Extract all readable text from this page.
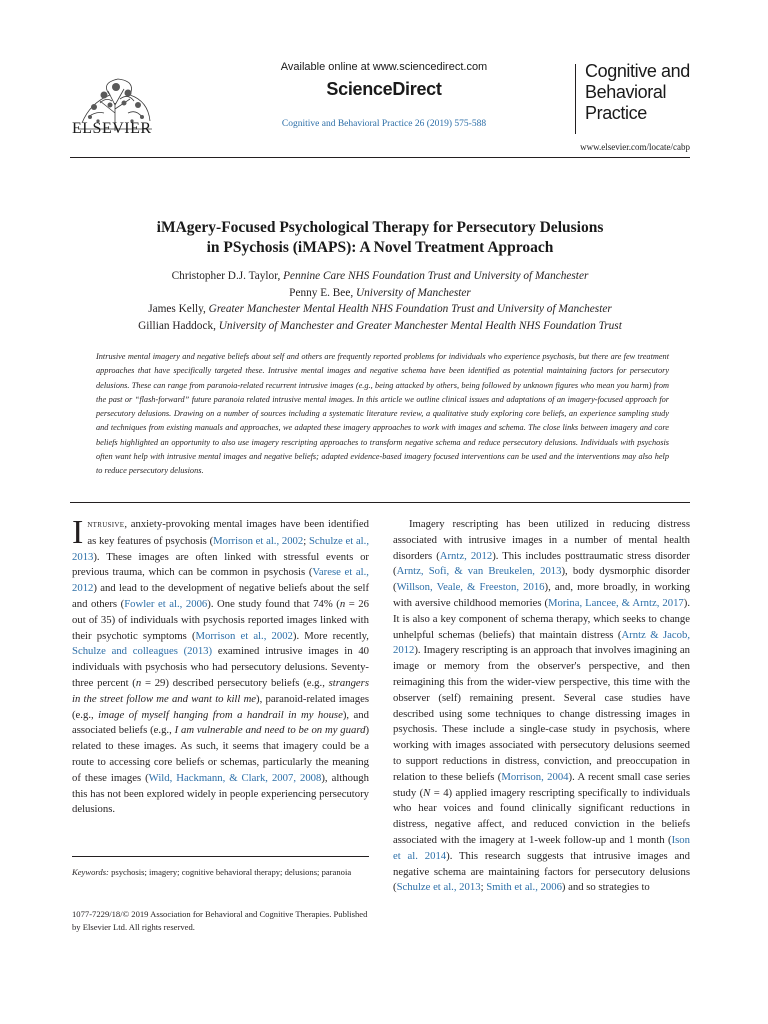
ELSEVIER
Available online at www.sciencedirect.com
ScienceDirect
Cognitive and Behavioral Practice 26 (2019) 575-588
Cognitive and
Behavioral
Practice
www.elsevier.com/locate/cabp
iMAgery-Focused Psychological Therapy for Persecutory Delusions
in PSychosis (iMAPS): A Novel Treatment Approach
Christopher D.J. Taylor, Pennine Care NHS Foundation Trust and University of Manchester
Penny E. Bee, University of Manchester
James Kelly, Greater Manchester Mental Health NHS Foundation Trust and University of Manchester
Gillian Haddock, University of Manchester and Greater Manchester Mental Health NHS Foundation Trust
Intrusive mental imagery and negative beliefs about self and others are frequently reported problems for individuals who experience psychosis, but there are few treatment approaches that have specifically targeted these. Intrusive mental images and negative schema have been identified as potential maintaining factors for persecutory delusions. These can range from paranoia-related recurrent intrusive images (e.g., being attacked by others, being followed by unknown figures who mean you harm) from the past or “flash-forward” future paranoia related intrusive mental images. In this article we outline clinical issues and adaptations of an imagery-focused approach for persecutory delusions. Drawing on a number of sources including a systematic literature review, a qualitative study exploring core beliefs, an experience sampling study and techniques from existing manuals and approaches, we adapted these imagery approaches to work with images and schema. The close links between imagery and core beliefs highlighted an opportunity to also use imagery rescripting approaches to transform negative schema and reduce persecutory delusions. Individuals with psychosis often want help with intrusive mental images and negative beliefs; adapted evidence-based imagery focused interventions can be used and the interventions may also help to reduce persecutory delusions.
Intrusive, anxiety-provoking mental images have been identified as key features of psychosis (Morrison et al., 2002; Schulze et al., 2013). These images are often linked with stressful events or previous trauma, which can be common in psychosis (Varese et al., 2012) and lead to the development of negative beliefs about the self and others (Fowler et al., 2006). One study found that 74% (n = 26 out of 35) of individuals with psychosis reported images linked with their psychotic symptoms (Morrison et al., 2002). More recently, Schulze and colleagues (2013) examined intrusive images in 40 individuals with psychosis who had persecutory delusions. Seventy-three percent (n = 29) described persecutory beliefs (e.g., strangers in the street follow me and want to kill me), paranoid-related images (e.g., image of myself hanging from a handrail in my house), and associated beliefs (e.g., I am vulnerable and need to be on my guard) related to these images. As such, it seems that imagery could be a route to accessing core beliefs or schemas, particularly the meaning of these images (Wild, Hackmann, & Clark, 2007, 2008), although this has not been explored widely in people experiencing persecutory delusions.
Keywords: psychosis; imagery; cognitive behavioral therapy; delusions; paranoia
1077-7229/18/© 2019 Association for Behavioral and Cognitive Therapies. Published by Elsevier Ltd. All rights reserved.
Imagery rescripting has been utilized in reducing distress associated with intrusive images in a number of mental health disorders (Arntz, 2012). This includes posttraumatic stress disorder (Arntz, Sofi, & van Breukelen, 2013), body dysmorphic disorder (Willson, Veale, & Freeston, 2016), and, more broadly, in working with aversive childhood memories (Morina, Lancee, & Arntz, 2017). It is also a key component of schema therapy, which seeks to change unhelpful schemas (beliefs) that maintain distress (Arntz & Jacob, 2012). Imagery rescripting is an approach that involves imagining an image or memory from the observer's perspective, and then reimagining this from the wider-view perspective, this time with the observer (self) remaining present. Several case studies have described using some techniques to change distressing images in psychosis. These include a single-case study in psychosis, where working with images associated with persecutory delusions seemed to support reductions in distress, conviction, and preoccupation in relation to these beliefs (Morrison, 2004). A recent small case series study (N = 4) applied imagery rescripting specifically to individuals who hear voices and found clinically significant reductions in distress, negative affect, and reduced conviction in the beliefs associated with the imagery at 1-week follow-up and 1 month (Ison et al. 2014). This research suggests that intrusive images and negative schema are maintaining factors for persecutory delusions (Schulze et al., 2013; Smith et al., 2006) and so strategies to
